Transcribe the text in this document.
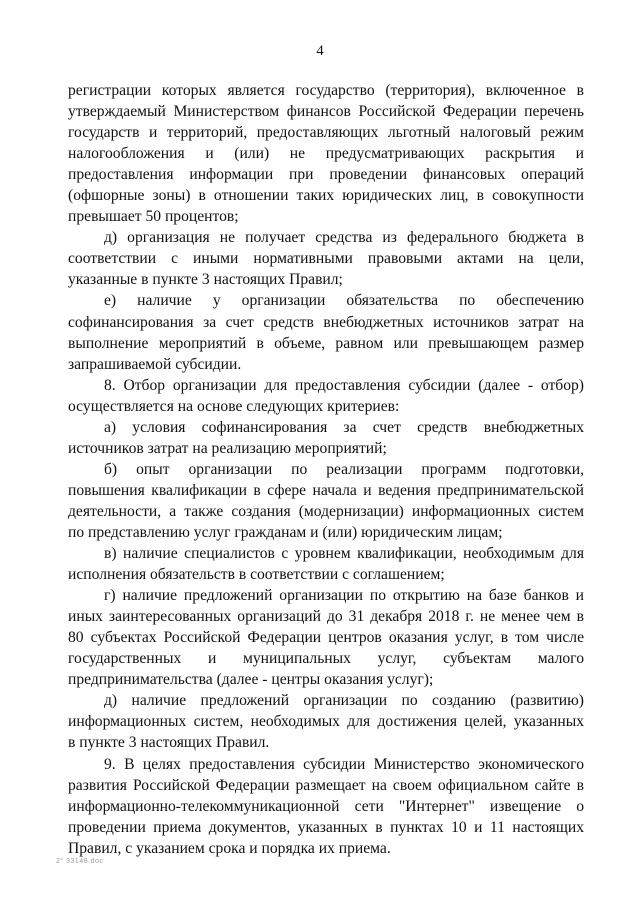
4
регистрации которых является государство (территория), включенное в
утверждаемый Министерством финансов Российской Федерации перечень
государств и территорий, предоставляющих льготный налоговый режим
налогообложения и (или) не предусматривающих раскрытия и
предоставления информации при проведении финансовых операций
(офшорные зоны) в отношении таких юридических лиц, в совокупности
превышает 50 процентов;
д) организация не получает средства из федерального бюджета в
соответствии с иными нормативными правовыми актами на цели,
указанные в пункте 3 настоящих Правил;
е) наличие у организации обязательства по обеспечению
софинансирования за счет средств внебюджетных источников затрат на
выполнение мероприятий в объеме, равном или превышающем размер
запрашиваемой субсидии.
8. Отбор организации для предоставления субсидии (далее - отбор)
осуществляется на основе следующих критериев:
а) условия софинансирования за счет средств внебюджетных
источников затрат на реализацию мероприятий;
б) опыт организации по реализации программ подготовки,
повышения квалификации в сфере начала и ведения предпринимательской
деятельности, а также создания (модернизации) информационных систем
по представлению услуг гражданам и (или) юридическим лицам;
в) наличие специалистов с уровнем квалификации, необходимым для
исполнения обязательств в соответствии с соглашением;
г) наличие предложений организации по открытию на базе банков и
иных заинтересованных организаций до 31 декабря 2018 г. не менее чем в
80 субъектах Российской Федерации центров оказания услуг, в том числе
государственных и муниципальных услуг, субъектам малого
предпринимательства (далее - центры оказания услуг);
д) наличие предложений организации по созданию (развитию)
информационных систем, необходимых для достижения целей, указанных
в пункте 3 настоящих Правил.
9. В целях предоставления субсидии Министерство экономического
развития Российской Федерации размещает на своем официальном сайте в
информационно-телекоммуникационной сети "Интернет" извещение о
проведении приема документов, указанных в пунктах 10 и 11 настоящих
Правил, с указанием срока и порядка их приема.
2° 33148.doc
